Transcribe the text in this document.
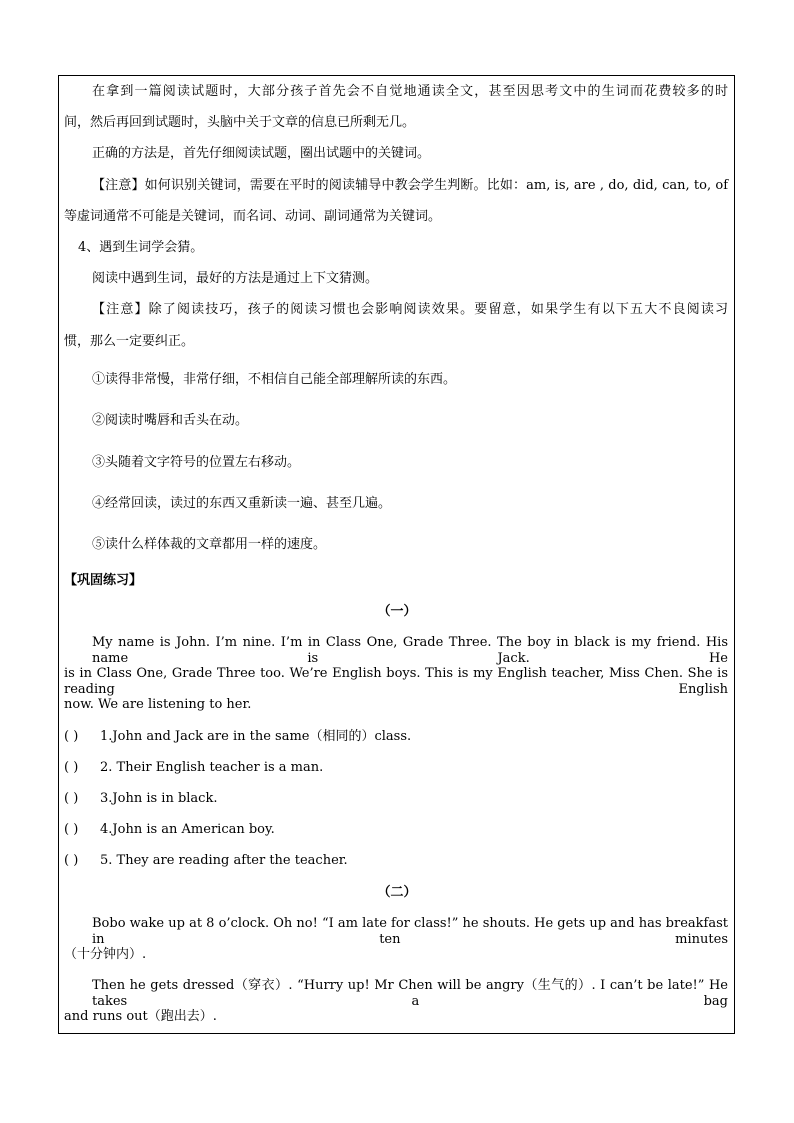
在拿到一篇阅读试题时，大部分孩子首先会不自觉地通读全文，甚至因思考文中的生词而花费较多的时
间，然后再回到试题时，头脑中关于文章的信息已所剩无几。
正确的方法是，首先仔细阅读试题，圈出试题中的关键词。
【注意】如何识别关键词，需要在平时的阅读辅导中教会学生判断。比如：am, is, are , do, did, can, to, of
等虚词通常不可能是关键词，而名词、动词、副词通常为关键词。
4、遇到生词学会猜。
阅读中遇到生词，最好的方法是通过上下文猜测。
【注意】除了阅读技巧，孩子的阅读习惯也会影响阅读效果。要留意，如果学生有以下五大不良阅读习
惯，那么一定要纠正。
①读得非常慢，非常仔细，不相信自己能全部理解所读的东西。
②阅读时嘴唇和舌头在动。
③头随着文字符号的位置左右移动。
④经常回读，读过的东西又重新读一遍、甚至几遍。
⑤读什么样体裁的文章都用一样的速度。
【巩固练习】
（一）
My name is John. I’m nine. I’m in Class One, Grade Three. The boy in black is my friend. His name is Jack. He
is in Class One, Grade Three too. We’re English boys. This is my English teacher, Miss Chen. She is reading English
now. We are listening to her.
( ) 1.John and Jack are in the same（相同的）class.
( ) 2. Their English teacher is a man.
( ) 3.John is in black.
( ) 4.John is an American boy.
( ) 5. They are reading after the teacher.
（二）
Bobo wake up at 8 o’clock. Oh no! “I am late for class!” he shouts. He gets up and has breakfast in ten minutes
（十分钟内）.
Then he gets dressed（穿衣）. “Hurry up! Mr Chen will be angry（生气的）. I can’t be late!” He takes a bag
and runs out（跑出去）.
